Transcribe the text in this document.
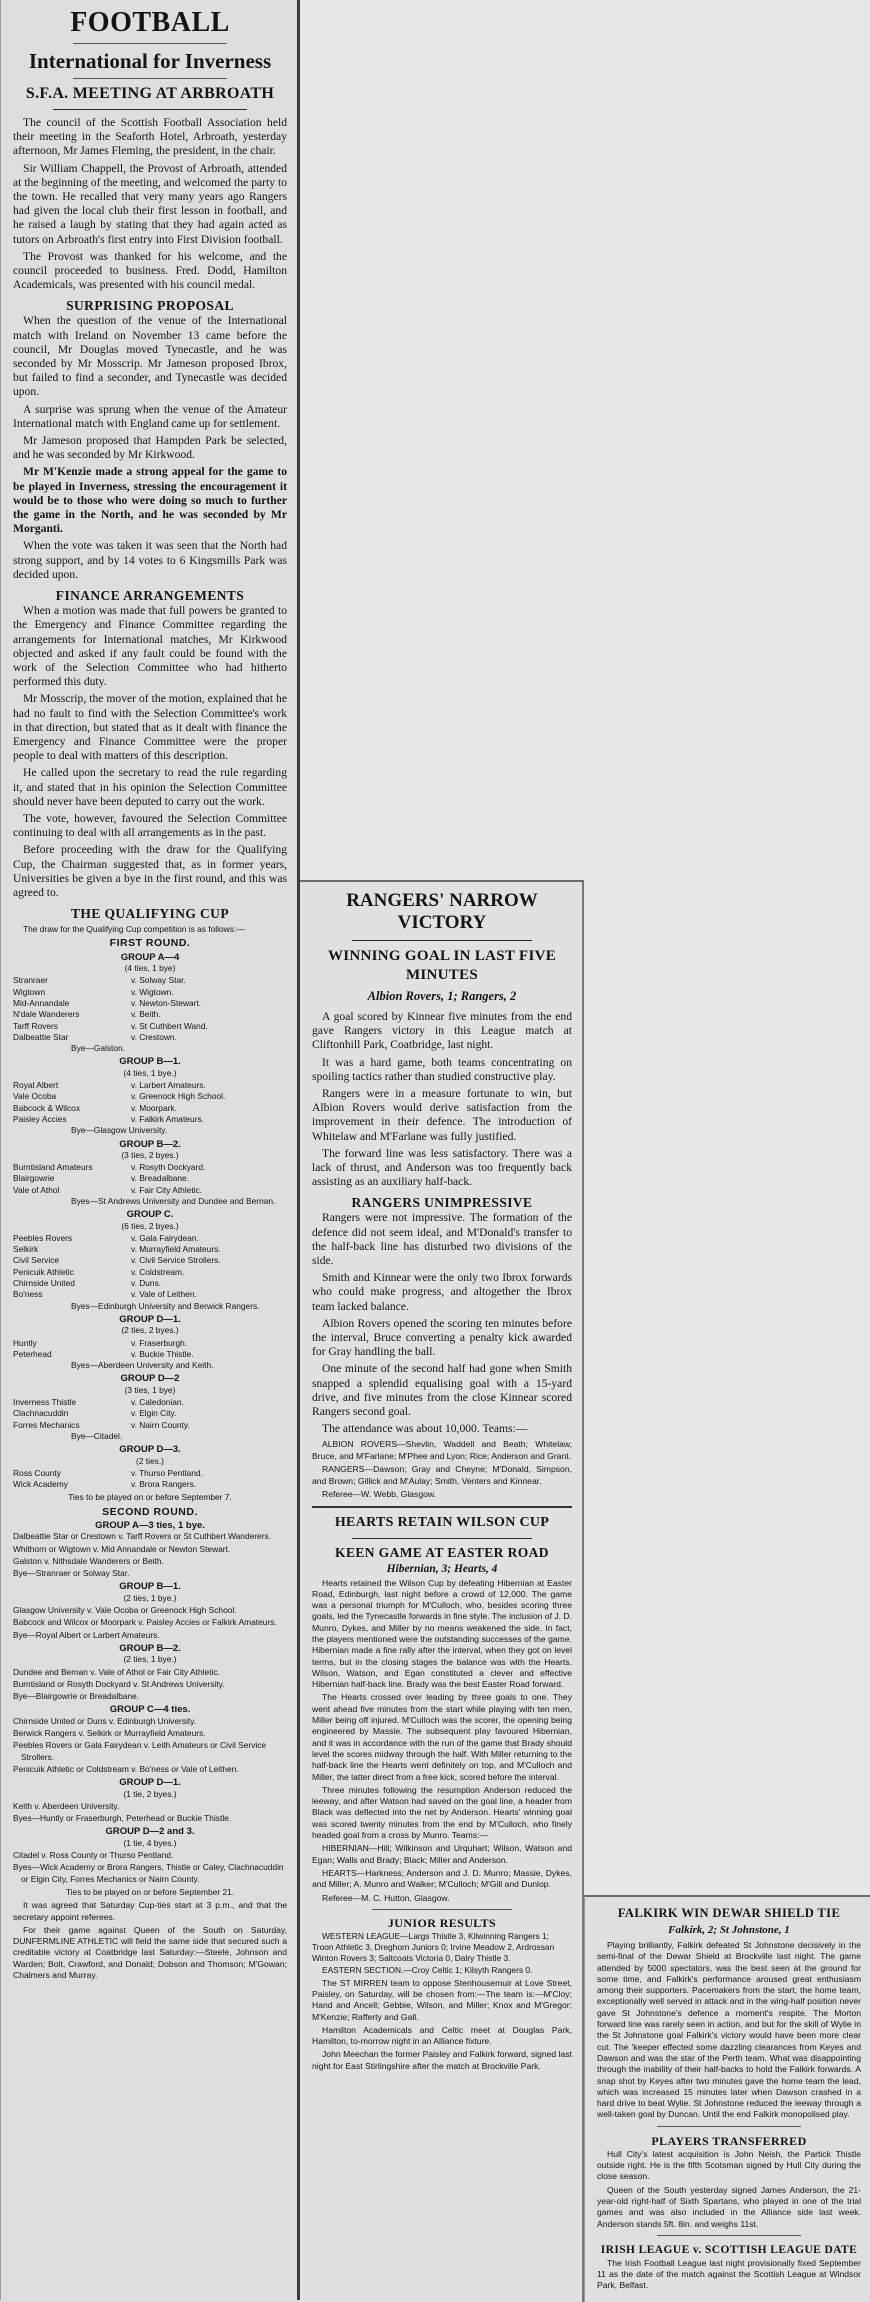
FOOTBALL
International for Inverness
S.F.A. MEETING AT ARBROATH

The council of the Scottish Football Association held their meeting in the Seaforth Hotel, Arbroath, yesterday afternoon, Mr James Fleming, the president, in the chair.

Sir William Chappell, the Provost of Arbroath, attended at the beginning of the meeting, and welcomed the party to the town. He recalled that very many years ago Rangers had given the local club their first lesson in football, and he raised a laugh by stating that they had again acted as tutors on Arbroath's first entry into First Division football.

The Provost was thanked for his welcome, and the council proceeded to business. Fred. Dodd, Hamilton Academicals, was presented with his council medal.

SURPRISING PROPOSAL

When the question of the venue of the International match with Ireland on November 13 came before the council, Mr Douglas moved Tynecastle, and he was seconded by Mr Mosscrip. Mr Jameson proposed Ibrox, but failed to find a seconder, and Tynecastle was decided upon.

A surprise was sprung when the venue of the Amateur International match with England came up for settlement.

Mr Jameson proposed that Hampden Park be selected, and he was seconded by Mr Kirkwood.

Mr M'Kenzie made a strong appeal for the game to be played in Inverness, stressing the encouragement it would be to those who were doing so much to further the game in the North, and he was seconded by Mr Morganti.

When the vote was taken it was seen that the North had strong support, and by 14 votes to 6 Kingsmills Park was decided upon.

FINANCE ARRANGEMENTS

When a motion was made that full powers be granted to the Emergency and Finance Committee regarding the arrangements for International matches, Mr Kirkwood objected and asked if any fault could be found with the work of the Selection Committee who had hitherto performed this duty.

Mr Mosscrip, the mover of the motion, explained that he had no fault to find with the Selection Committee's work in that direction, but stated that as it dealt with finance the Emergency and Finance Committee were the proper people to deal with matters of this description.

He called upon the secretary to read the rule regarding it, and stated that in his opinion the Selection Committee should never have been deputed to carry out the work.

The vote, however, favoured the Selection Committee continuing to deal with all arrangements as in the past.

Before proceeding with the draw for the Qualifying Cup, the Chairman suggested that, as in former years, Universities be given a bye in the first round, and this was agreed to.

THE QUALIFYING CUP
The draw for the Qualifying Cup competition is as follows:—
FIRST ROUND.
GROUP A—4
(4 ties, 1 bye)
Stranraer	v. Solway Star.
Wigtown	v. Wigtown.
Mid-Annandale	v. Newton-Stewart.
N'dale Wanderers	v. Beith.
Tarff Rovers	v. St Cuthbert Wand.
Dalbeattie Star	v. Crestown.
Bye—Galston.
GROUP B—1.
(4 ties, 1 bye.)
Royal Albert	v. Larbert Amateurs.
Vale Ocoba	v. Greenock High School.
Babcock & Wilcox	v. Moorpark.
Paisley Accies	v. Falkirk Amateurs.
Bye—Glasgow University.
GROUP B—2.
(3 ties, 2 byes.)
Burntisland Amateurs	v. Rosyth Dockyard.
Blairgowrie	v. Breadalbane.
Vale of Athol	v. Fair City Athletic.
Byes—St Andrews University and Dundee and Bernan.
GROUP C.
(6 ties, 2 byes.)
Peebles Rovers	v. Gala Fairydean.
Selkirk	v. Murrayfield Amateurs.
Civil Service	v. Civil Service Strollers.
Penicuik Athletic	v. Coldstream.
Chirnside United	v. Duns.
Bo'ness	v. Vale of Leithen.
Byes—Edinburgh University and Berwick Rangers.
GROUP D—1.
(2 ties, 2 byes.)
Huntly	v. Fraserburgh.
Peterhead	v. Buckie Thistle.
Byes—Aberdeen University and Keith.
GROUP D—2
(3 ties, 1 bye)
Inverness Thistle	v. Caledonian.
Clachnacuddin	v. Elgin City.
Forres Mechanics	v. Nairn County.
Bye—Citadel.
GROUP D—3.
(2 ties.)
Ross County	v. Thurso Pentland.
Wick Academy	v. Brora Rangers.
Ties to be played on or before September 7.
SECOND ROUND.
GROUP A—3 ties, 1 bye.
Dalbeattie Star or Crestown v. Tarff Rovers or St Cuthbert Wanderers.
Whithorn or Wigtown v. Mid Annandale or Newton Stewart.
Galston v. Nithsdale Wanderers or Beith.
Bye—Stranraer or Solway Star.
GROUP B—1.
(2 ties, 1 bye.)
Glasgow University v. Vale Ocoba or Greenock High School.
Babcock and Wilcox or Moorpark v. Paisley Accies or Falkirk Amateurs.
Bye—Royal Albert or Larbert Amateurs.
GROUP B—2.
(2 ties, 1 bye.)
Dundee and Bernan v. Vale of Athol or Fair City Athletic.
Burntisland or Rosyth Dockyard v. St Andrews University.
Bye—Blairgowrie or Breadalbane.
GROUP C—4 ties.
Chirnside United or Duns v. Edinburgh University.
Berwick Rangers v. Selkirk or Murrayfield Amateurs.
Peebles Rovers or Gala Fairydean v. Leith Amateurs or Civil Service Strollers.
Penicuik Athletic or Coldstream v. Bo'ness or Vale of Leithen.
GROUP D—1.
(1 tie, 2 byes.)
Keith v. Aberdeen University.
Byes—Huntly or Fraserburgh, Peterhead or Buckie Thistle.
GROUP D—2 and 3.
(1 tie, 4 byes.)
Citadel v. Ross County or Thurso Pentland.
Byes—Wick Academy or Brora Rangers, Thistle or Caley, Clachnacuddin or Elgin City, Forres Mechanics or Nairn County.
Ties to be played on or before September 21.

It was agreed that Saturday Cup-ties start at 3 p.m., and that the secretary appoint referees.

For their game against Queen of the South on Saturday, DUNFERMLINE ATHLETIC will field the same side that secured such a creditable victory at Coatbridge last Saturday:—Steele, Johnson and Warden; Bolt, Crawford, and Donald; Dobson and Thomson; M'Gowan; Chalmers and Murray.

RANGERS' NARROW VICTORY
WINNING GOAL IN LAST FIVE MINUTES
Albion Rovers, 1; Rangers, 2

A goal scored by Kinnear five minutes from the end gave Rangers victory in this League match at Cliftonhill Park, Coatbridge, last night.

It was a hard game, both teams concentrating on spoiling tactics rather than studied constructive play.

Rangers were in a measure fortunate to win, but Albion Rovers would derive satisfaction from the improvement in their defence. The introduction of Whitelaw and M'Farlane was fully justified.

The forward line was less satisfactory. There was a lack of thrust, and Anderson was too frequently back assisting as an auxiliary half-back.

RANGERS UNIMPRESSIVE

Rangers were not impressive. The formation of the defence did not seem ideal, and M'Donald's transfer to the half-back line has disturbed two divisions of the side.

Smith and Kinnear were the only two Ibrox forwards who could make progress, and altogether the Ibrox team lacked balance.

Albion Rovers opened the scoring ten minutes before the interval, Bruce converting a penalty kick awarded for Gray handling the ball.

One minute of the second half had gone when Smith snapped a splendid equalising goal with a 15-yard drive, and five minutes from the close Kinnear scored Rangers second goal.

The attendance was about 10,000. Teams:—

ALBION ROVERS—Shevlin, Waddell and Beath; Whitelaw, Bruce, and M'Farlane; M'Phee and Lyon; Rice; Anderson and Grant.

RANGERS—Dawson; Gray and Cheyne; M'Donald, Simpson, and Brown; Gillick and M'Aulay; Smith, Venters and Kinnear.

Referee—W. Webb, Glasgow.

HEARTS RETAIN WILSON CUP
KEEN GAME AT EASTER ROAD
Hibernian, 3; Hearts, 4

Hearts retained the Wilson Cup by defeating Hibernian at Easter Road, Edinburgh, last night before a crowd of 12,000. The game was a personal triumph for M'Culloch, who, besides scoring three goals, led the Tynecastle forwards in fine style. The inclusion of J. D. Munro, Dykes, and Miller by no means weakened the side. In fact, the players mentioned were the outstanding successes of the game. Hibernian made a fine rally after the interval, when they got on level terms, but in the closing stages the balance was with the Hearts. Wilson, Watson, and Egan constituted a clever and effective Hibernian half-back line. Brady was the best Easter Road forward.

The Hearts crossed over leading by three goals to one. They went ahead five minutes from the start while playing with ten men, Miller being off injured. M'Culloch was the scorer, the opening being engineered by Massie. The subsequent play favoured Hibernian, and it was in accordance with the run of the game that Brady should level the scores midway through the half. With Miller returning to the half-back line the Hearts went definitely on top, and M'Culloch and Miller, the latter direct from a free kick, scored before the interval.

Three minutes following the resumption Anderson reduced the leeway, and after Watson had saved on the goal line, a header from Black was deflected into the net by Anderson. Hearts' winning goal was scored twenty minutes from the end by M'Culloch, who finely headed goal from a cross by Munro. Teams:—

HIBERNIAN—Hill; Wilkinson and Urquhart; Wilson, Watson and Egan; Walls and Brady; Black; Miller and Anderson.

HEARTS—Harkness; Anderson and J. D. Munro; Massie, Dykes, and Miller; A. Munro and Walker; M'Culloch; M'Gill and Dunlop.

Referee—M. C. Hutton, Glasgow.

JUNIOR RESULTS

WESTERN LEAGUE—Largs Thistle 3, Kilwinning Rangers 1; Troon Athletic 3, Dreghorn Juniors 0; Irvine Meadow 2, Ardrossan Winton Rovers 3; Saltcoats Victoria 0, Dalry Thistle 3.

EASTERN SECTION.—Croy Celtic 1; Kilsyth Rangers 0.

The ST MIRREN team to oppose Stenhousemuir at Love Street, Paisley, on Saturday, will be chosen from:—The team is:—M'Cloy; Hand and Ancell; Gebbie, Wilson, and Miller; Knox and M'Gregor; M'Kenzie; Rafferty and Gall.

Hamilton Academicals and Celtic meet at Douglas Park, Hamilton, to-morrow night in an Alliance fixture.

John Meechan the former Paisley and Falkirk forward, signed last night for East Stirlingshire after the match at Brockville Park.

FALKIRK WIN DEWAR SHIELD TIE
Falkirk, 2; St Johnstone, 1

Playing brilliantly, Falkirk defeated St Johnstone decisively in the semi-final of the Dewar Shield at Brockville last night. The game attended by 5000 spectators, was the best seen at the ground for some time, and Falkirk's performance aroused great enthusiasm among their supporters. Pacemakers from the start, the home team, exceptionally well served in attack and in the wing-half position never gave St Johnstone's defence a moment's respite. The Morton forward line was rarely seen in action, and but for the skill of Wylie in the St Johnstone goal Falkirk's victory would have been more clear cut. The 'keeper effected some dazzling clearances from Keyes and Dawson and was the star of the Perth team. What was disappointing through the inability of their half-backs to hold the Falkirk forwards. A snap shot by Keyes after two minutes gave the home team the lead, which was increased 15 minutes later when Dawson crashed in a hard drive to beat Wylie. St Johnstone reduced the leeway through a well-taken goal by Duncan. Until the end Falkirk monopolised play.

PLAYERS TRANSFERRED

Hull City's latest acquisition is John Neish, the Partick Thistle outside right. He is the fifth Scotsman signed by Hull City during the close season.

Queen of the South yesterday signed James Anderson, the 21-year-old right-half of Sixth Spartans, who played in one of the trial games and was also included in the Alliance side last week. Anderson stands 5ft. 8in. and weighs 11st.

IRISH LEAGUE v. SCOTTISH LEAGUE DATE

The Irish Football League last night provisionally fixed September 11 as the date of the match against the Scottish League at Windsor Park, Belfast.
